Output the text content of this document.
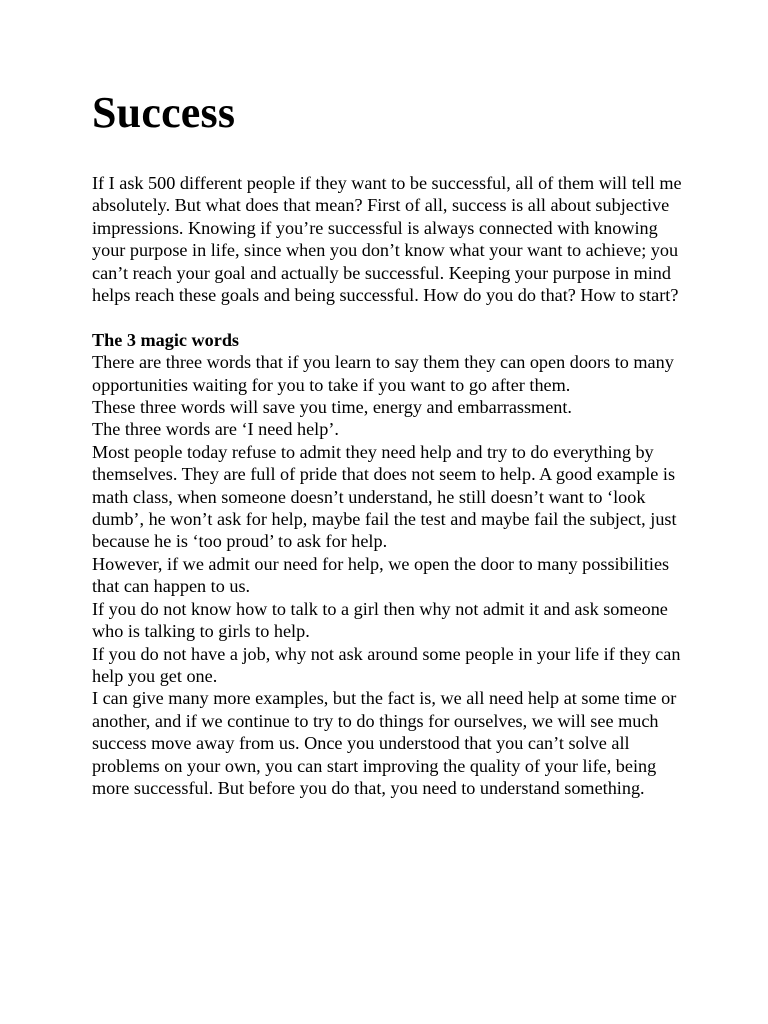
Success

If I ask 500 different people if they want to be successful, all of them will tell me absolutely. But what does that mean? First of all, success is all about subjective impressions. Knowing if you’re successful is always connected with knowing your purpose in life, since when you don’t know what your want to achieve; you can’t reach your goal and actually be successful. Keeping your purpose in mind helps reach these goals and being successful. How do you do that? How to start?

The 3 magic words

There are three words that if you learn to say them they can open doors to many opportunities waiting for you to take if you want to go after them.

These three words will save you time, energy and embarrassment.

The three words are ‘I need help’.

Most people today refuse to admit they need help and try to do everything by themselves. They are full of pride that does not seem to help. A good example is math class, when someone doesn’t understand, he still doesn’t want to ‘look dumb’, he won’t ask for help, maybe fail the test and maybe fail the subject, just because he is ‘too proud’ to ask for help.

However, if we admit our need for help, we open the door to many possibilities that can happen to us.

If you do not know how to talk to a girl then why not admit it and ask someone who is talking to girls to help.

If you do not have a job, why not ask around some people in your life if they can help you get one.

I can give many more examples, but the fact is, we all need help at some time or another, and if we continue to try to do things for ourselves, we will see much success move away from us. Once you understood that you can’t solve all problems on your own, you can start improving the quality of your life, being more successful. But before you do that, you need to understand something.
